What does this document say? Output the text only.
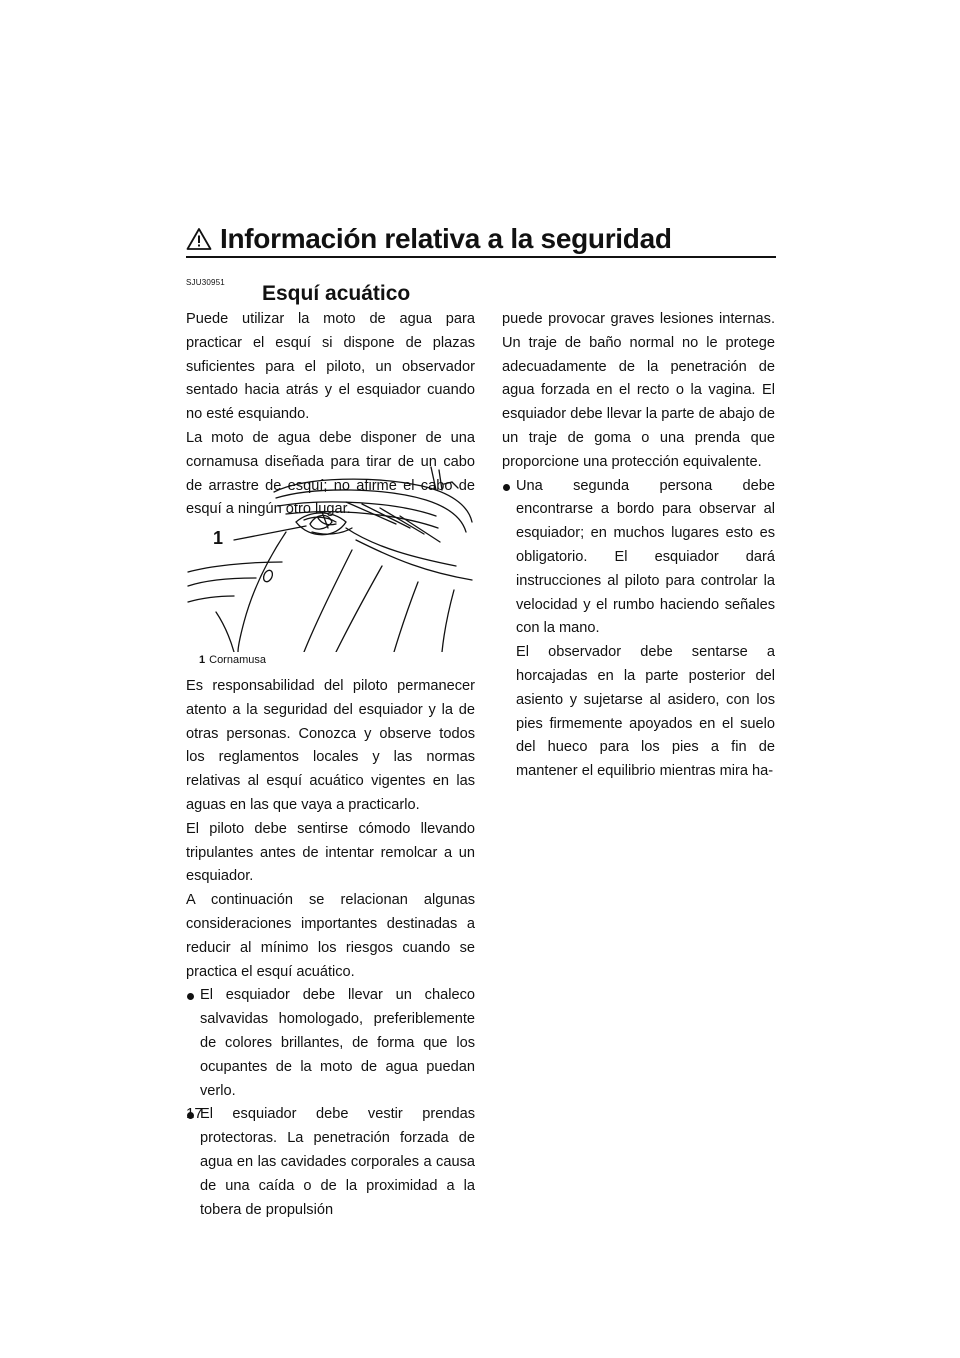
Información relativa a la seguridad
SJU30951 Esquí acuático

Puede utilizar la moto de agua para practicar el esquí si dispone de plazas suficientes para el piloto, un observador sentado hacia atrás y el esquiador cuando no esté esquiando.

La moto de agua debe disponer de una cornamusa diseñada para tirar de un cabo de arrastre de esquí; no afirme el cabo de esquí a ningún otro lugar.

1
1 Cornamusa

Es responsabilidad del piloto permanecer atento a la seguridad del esquiador y la de otras personas. Conozca y observe todos los reglamentos locales y las normas relativas al esquí acuático vigentes en las aguas en las que vaya a practicarlo.

El piloto debe sentirse cómodo llevando tripulantes antes de intentar remolcar a un esquiador.

A continuación se relacionan algunas consideraciones importantes destinadas a reducir al mínimo los riesgos cuando se practica el esquí acuático.

El esquiador debe llevar un chaleco salvavidas homologado, preferiblemente de colores brillantes, de forma que los ocupantes de la moto de agua puedan verlo.
El esquiador debe vestir prendas protectoras. La penetración forzada de agua en las cavidades corporales a causa de una caída o de la proximidad a la tobera de propulsión

puede provocar graves lesiones internas. Un traje de baño normal no le protege adecuadamente de la penetración de agua forzada en el recto o la vagina. El esquiador debe llevar la parte de abajo de un traje de goma o una prenda que proporcione una protección equivalente.

Una segunda persona debe encontrarse a bordo para observar al esquiador; en muchos lugares esto es obligatorio. El esquiador dará instrucciones al piloto para controlar la velocidad y el rumbo haciendo señales con la mano.

El observador debe sentarse a horcajadas en la parte posterior del asiento y sujetarse al asidero, con los pies firmemente apoyados en el suelo del hueco para los pies a fin de mantener el equilibrio mientras mira ha-

17
